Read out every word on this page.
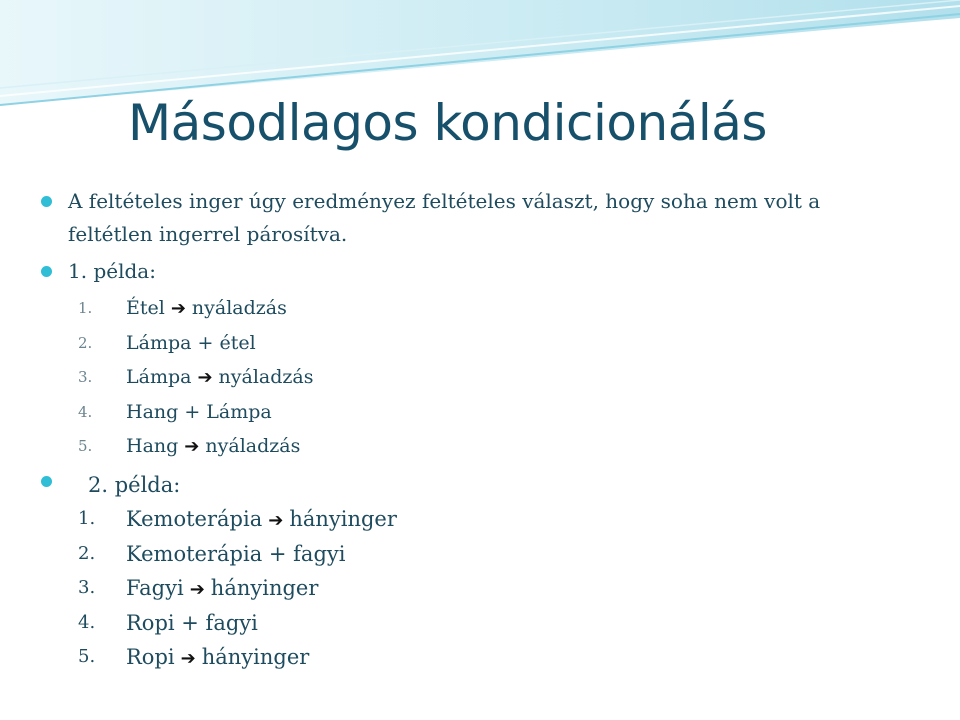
Másodlagos kondicionálás
A feltételes inger úgy eredményez feltételes választ, hogy soha nem volt a
feltétlen ingerrel párosítva.
1. példa:
1. Étel ➔ nyáladzás
2. Lámpa + étel
3. Lámpa ➔ nyáladzás
4. Hang + Lámpa
5. Hang ➔ nyáladzás
2. példa:
1. Kemoterápia ➔ hányinger
2. Kemoterápia + fagyi
3. Fagyi ➔ hányinger
4. Ropi + fagyi
5. Ropi ➔ hányinger
